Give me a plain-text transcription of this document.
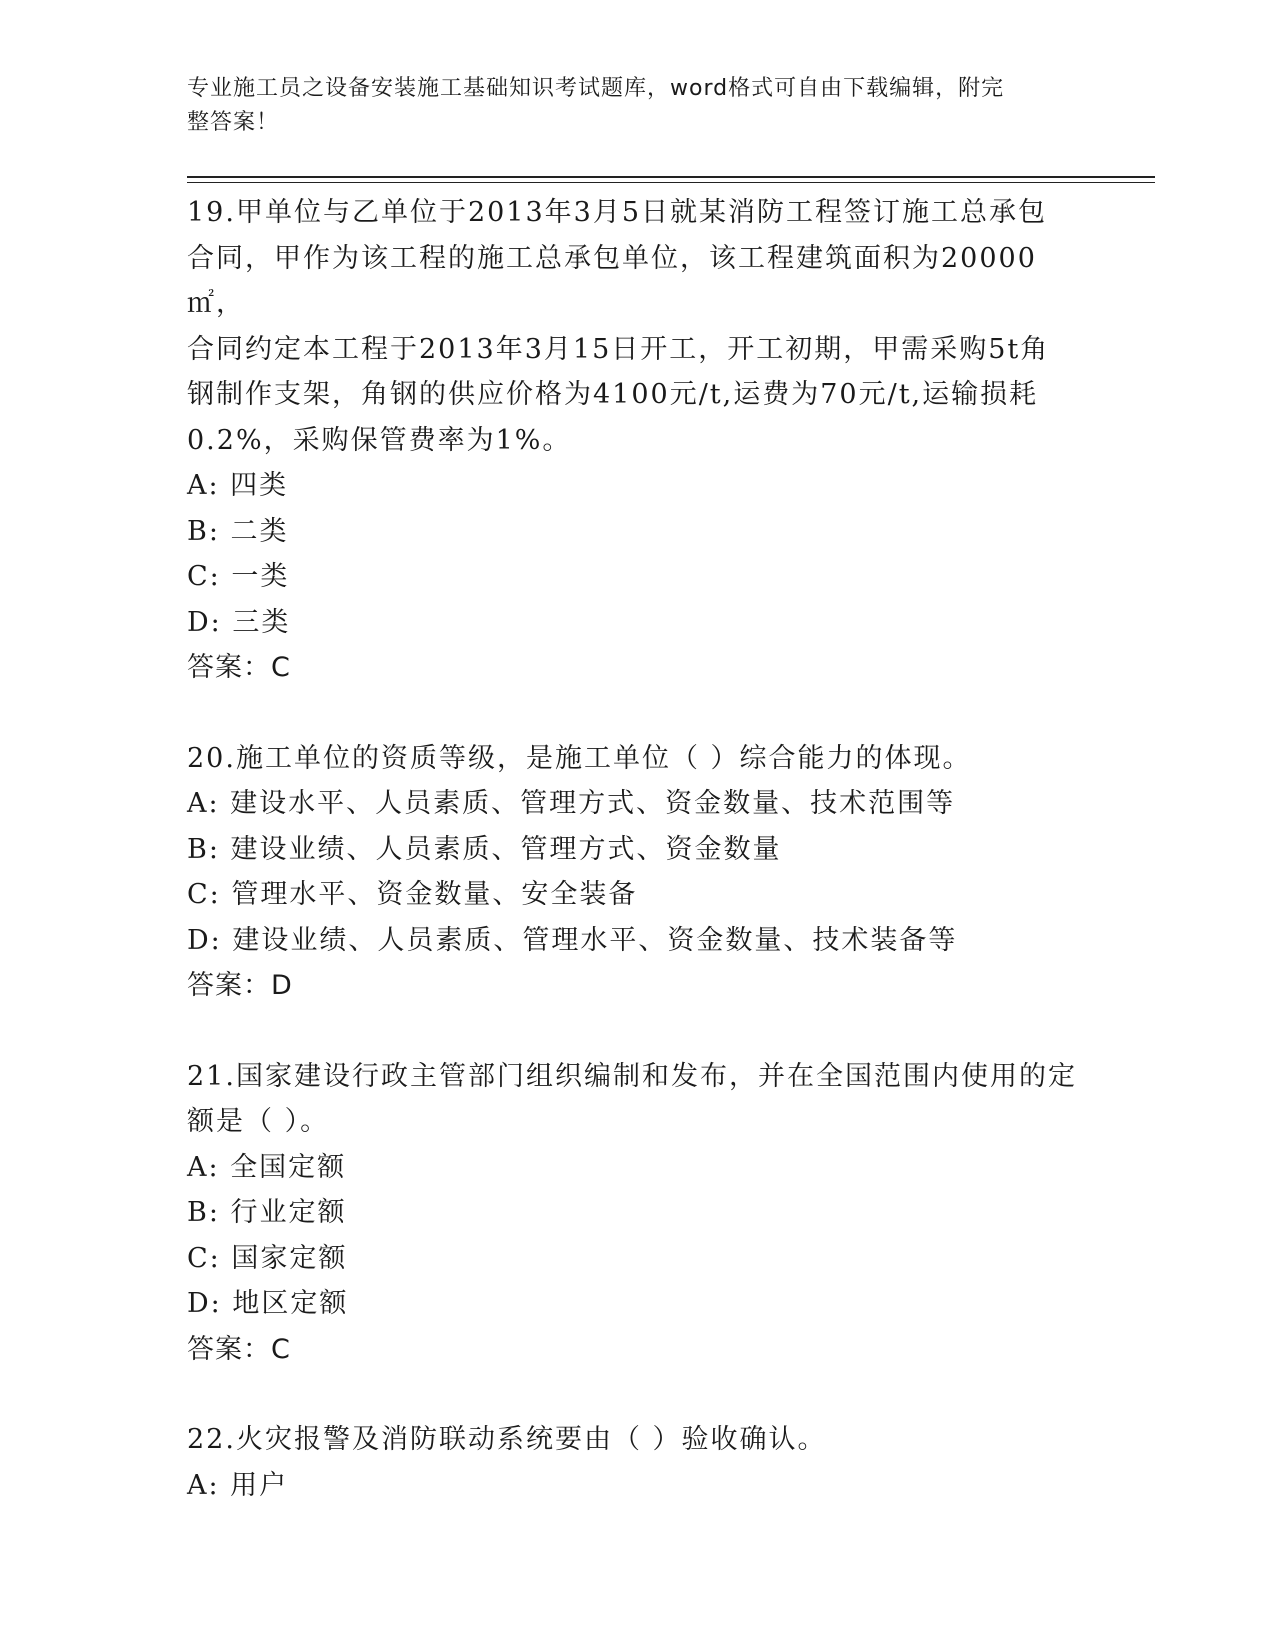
专业施工员之设备安装施工基础知识考试题库，word格式可自由下载编辑，附完
整答案！
19.甲单位与乙单位于2013年3月5日就某消防工程签订施工总承包
合同，甲作为该工程的施工总承包单位，该工程建筑面积为20000㎡，
合同约定本工程于2013年3月15日开工，开工初期，甲需采购5t角
钢制作支架，角钢的供应价格为4100元/t,运费为70元/t,运输损耗
0.2%，采购保管费率为1%。
A: 四类
B: 二类
C: 一类
D: 三类
答案：C
20.施工单位的资质等级，是施工单位（ ）综合能力的体现。
A: 建设水平、人员素质、管理方式、资金数量、技术范围等
B: 建设业绩、人员素质、管理方式、资金数量
C: 管理水平、资金数量、安全装备
D: 建设业绩、人员素质、管理水平、资金数量、技术装备等
答案：D
21.国家建设行政主管部门组织编制和发布，并在全国范围内使用的定
额是（ ）。
A: 全国定额
B: 行业定额
C: 国家定额
D: 地区定额
答案：C
22.火灾报警及消防联动系统要由（ ）验收确认。
A: 用户
